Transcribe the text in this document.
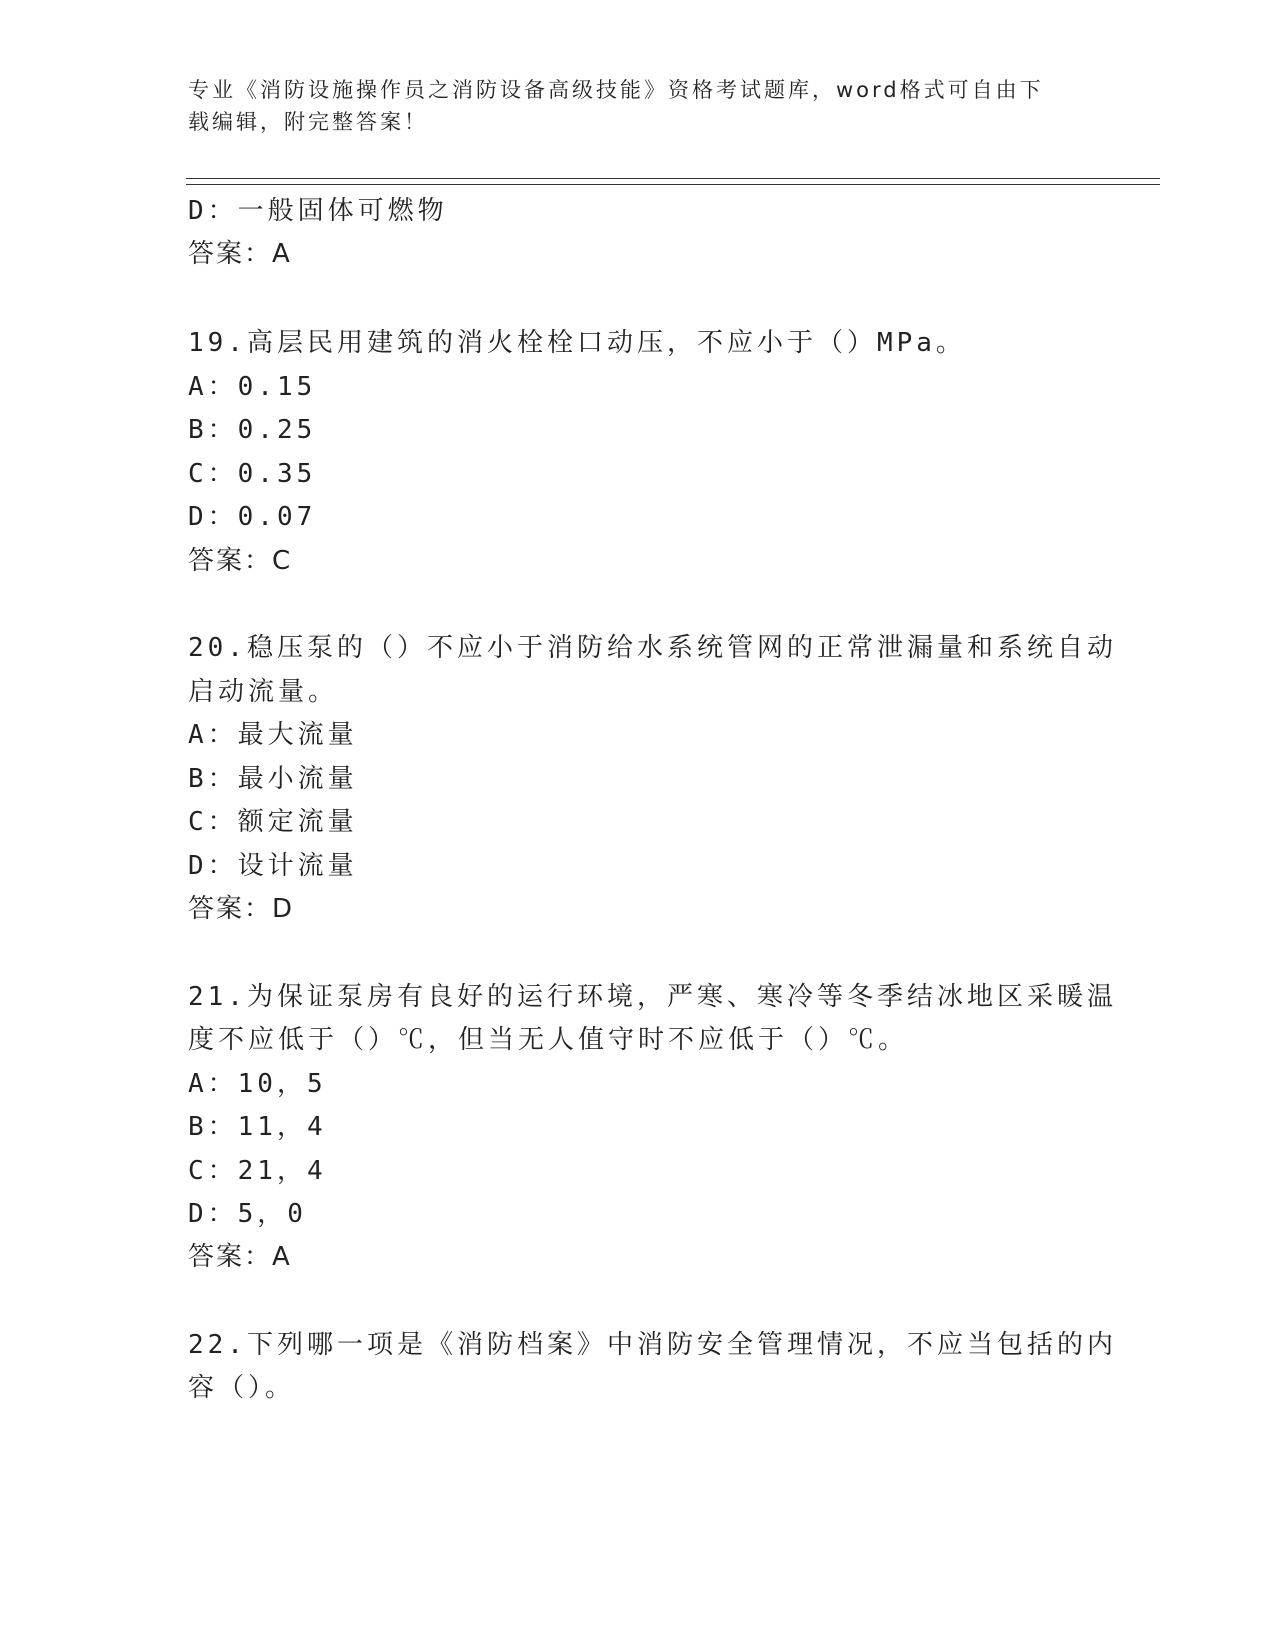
专业《消防设施操作员之消防设备高级技能》资格考试题库，word格式可自由下
载编辑，附完整答案！
D：一般固体可燃物
答案：A
19.高层民用建筑的消火栓栓口动压，不应小于（）MPa。
A：0.15
B：0.25
C：0.35
D：0.07
答案：C
20.稳压泵的（）不应小于消防给水系统管网的正常泄漏量和系统自动
启动流量。
A：最大流量
B：最小流量
C：额定流量
D：设计流量
答案：D
21.为保证泵房有良好的运行环境，严寒、寒冷等冬季结冰地区采暖温
度不应低于（）℃，但当无人值守时不应低于（）℃。
A：10，5
B：11，4
C：21，4
D：5，0
答案：A
22.下列哪一项是《消防档案》中消防安全管理情况，不应当包括的内
容（）。
